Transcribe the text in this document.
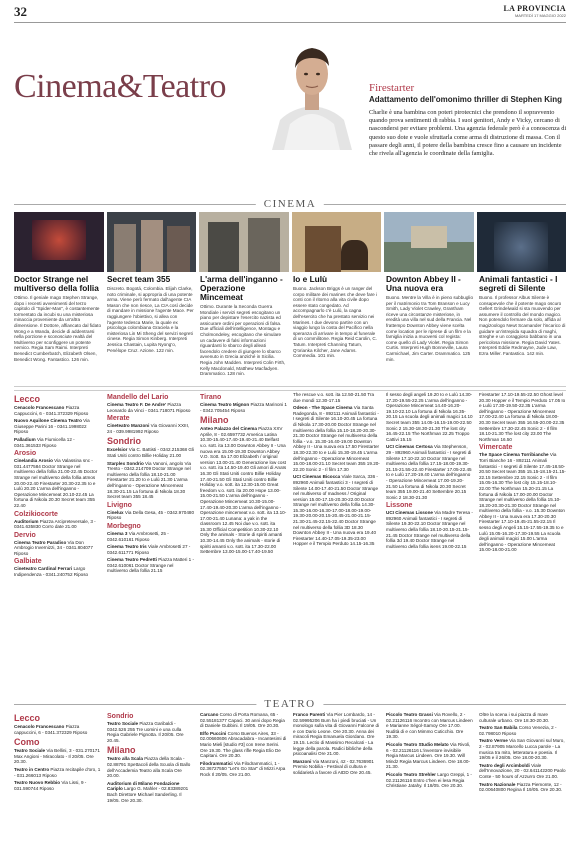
32	LA PROVINCIA
MARTEDÌ 17 MAGGIO 2022
Cinema&Teatro	Firestarter
Adattamento dell'omonimo thriller di Stephen King

Charlie è una bambina con poteri pirotecnici che prendono il sopravvento quando prova sentimenti di rabbia. I suoi genitori, Andy e Vicky, cercano di nascondersi per evitare problemi. Una agenzia federale però è a conoscenza di questo suo dote e vuole sfruttarla come arma di distruzione di massa. Con il passare degli anni, il potere della bambina cresce fino a causare un incidente che rivela all'agenzia le coordinate della famiglia.

CINEMA
Doctor Strange nel multiverso della follia
Ottimo. Il geniale mago Stephen Strange, dopo i recenti avvenimenti del terzo capitolo di "Spider-Man", è costantemente tormentato da incubi su una misteriosa minaccia proveniente da un'altra dimensione. Il Dottore, affiancato dal fidato Wong e a Wanda, decide di addentrarsi nella porzione e sconosciute realtà del Multiverso per sconfiggere un potente nemico. Regia Sam Raimi. Interpreti Benedict Cumberbatch, Elizabeth Olsen, Benedict Wong. Fantastico. 126 min.
Secret team 355
Discreto. Bogotá, Colombia. Elijah Clarke, noto criminale, si appropria di una potente arma. Viene però fermato dall'agente CIA Mason che non riesce, La CIA così decide di mandare in missione l'agente Mace. Per raggiungere l'obiettivo, si allea con l'agente tedesca Marie, la quale ex psicologa colombiana Graciela e la misteriosa Lin Mi Sheng del servizi segreti cinese. Regia Simon Kinberg. Interpreti Jessica Chastain, Lupita Nyong'o, Penélope Cruz. Azione. 122 min.
L'arma dell'inganno - Operazione Mincemeat
Ottimo. Durante la Seconda Guerra Mondiale i servizi segreti escogitano un piano per depistare l'esercito nazista ed assicurare ordini per operazioni di falsa. Due ufficiali dell'intelligence, Montagu e Cholmondeley, escogitano che simulare un cadavere di falsi informazioni riguardanti lo sbarco degli alleati facendolo credere di giungere lo sbarco avvenuto in Grecia anziché in Sicilia. Regia John Madden. Interpreti Colin Firth, Kelly Macdonald, Matthew Macfadyen. Drammatico. 128 min.
Io e Lulù
Buono. Jackson Briggs è un ranger del corpo militare dei marines che deve fare i conti con il ritorno alla vita civile dopo essere stato congedato. Ad accompagnarlo c'è Lulù, la cagna dell'esercito che ha prestato servizio nei Marines. I due devono partire con un viaggio lungo la costa del Pacifico nella speranza di arrivare in tempo al funerale di un commilitone. Regia Reid Carolin, C. Tatum. Interpreti Channing Tatum, Q'orianka Kilcher, Jane Adams. Commedia. 101 min.
Downton Abbey II - Una nuova era
Buono. Mentre la Villa è in pieno subbuglio per il matrimonio tra Tom Branson e Lucy Smith, Lady Violet Crawley, Grantham riceve una circostanze misteriose, in eredità una villa nel sud della Francia. Nel frattempo Downton Abbey viene scelta come location per le riprese di un film e la famiglia inizia a muoversi col regista: come quello di Lady Violet. Regia Simon Curtis. Interpreti Hugh Bonneville, Laura Carmichael, Jim Carter. Drammatico. 125 min.
Animali fantastici - I segreti di Silente
Buono. Il professor Albus Silente è consapevole che il potente mago oscuro Gellert Grindelwald si sta muovendo per assumere il controllo del mondo magico. Non potendolo fermare da solo, affida al magizoologo Newt Scamander l'incarico di guidare un'intrepida squadra di maghi, streghe e un coraggioso babbano in una pericolosa missione. Regia David Yates. Interpreti Eddie Redmayne, Jude Law, Ezra Miller. Fantastico. 142 min.
Lecco
Cenacolo Francescano Piazza Cappuccini, 6 - 0341.372329 Riposo
Nuovo Aquilone Cinema Teatro Via Giuseppe Parini 16 - 0341.1998022 Riposo
Palladium Via Fiumicella 12 - 0341.361533 Riposo
Arosio
Cinelandia Arosio Via Valassina snc - 031.4477584 Doctor Strange nel multiverso della follia 21.00-22.45 Doctor Strange nel multiverso della follia atmos 20.00-22.40 Firestarter 20.30-22.35 Io e Lulù 20.20 L'arma dell'inganno - Operazione Mincemeat 20.10-22.45 La fortuna di Nikola 20.30 Secret team 355 22.40
Colzikiocorte
Auditorium Piazza Arcipreteversale, 3 - 0341.635830 Corro date 21.00
Dervio
Cinema Teatro Paradiso Via Don Ambrogio Invernizzi, 34 - 0341.804077 Riposo
Galbiate
Cineteatro Cardinal Ferrari Largo Indipendenza - 0341.240752 Riposo
Mandello del Lario
Cinema Teatro F. De Andre' Piazza Leonardo da Vinci - 0341.718071 Riposo
Merate
Cineteatro Manzoni Via Giovanni XXIII, 24 - 039.9981992 Riposo
Sondrio
Excelsior Via C. Battisti - 0342.215368 Gli Stati Uniti contro Billie Holiday 21.00
Starplex Sondrio Via Vanoni, angolo Via Trento - 0342.214709 Doctor Strange nel multiverso della follia 18.10-21.00 Firestarter 21.20 Io e Lulù 21.30 L'arma dell'inganno - Operazione Mincemeat 18.30-21.15 La fortuna di Nikola 18.30 Secret team 355 18.45
Livigno
Cinelux Via Della Gesa, 45 - 0342.970480 Riposo
Morbegno
Cinema 3 Via Ambrosetti, 25 - 0342.610161 Riposo
Cinema Teatro Iris Viale Ambrosetti 27 - 0342.611771 Riposo
Cinema Teatro Pedretti Piazza Matteri 1 - 0342.610061 Doctor Strange nel multiverso della follia 21.15
Tirano
Cinema Teatro Mignon Piazza Marinoni 1 - 0342.705454 Riposo
Milano
Anteo Palazzo del Cinema Piazza XXV Aprile, 8 - 02.6597732 America Latina 10.30-15.40-17.40-19.40-21.40 Belfast v.o. sott. ita 13.00 Downton Abbey II - Una nuova era 15.00-19.30 Downton Abbey V.O. Sott. Ita 17.00 Elizabeth / original version 13.00-21.40 Generazione low cost v.o. sott. ita 14.50-19.40 Gli amori di Anaïs 16.30 Gli Stati Uniti contro Billie Holiday 17.40-21.50 Gli Stati Uniti contro Billie Holiday v.o. sott. ita 12.30-15.00 Great freedom v.o. sott. ita 20.00 Hope 13.00-15.00-21.50 L'arma dell'inganno - Operazione Mincemeat 10.30-15.00-17.40-19.40-20.30 L'arma dell'inganno - Operazione mincemeat v.o. sott. ita 13.10-17.00-21.40 Lunana: a yak in the classroom 12.45 Noi due v.o. sott. ita 15.30 Official Competition 10.30-22.10 Only the animals - Storie di spiriti amanti 10.30-14.45 Only the animals - storie di spiriti amanti v.o. sott. ita 17.30-22.00 Settembre 13.00-15.00-17.40-19.50
The rescue v.o. sott. ita 12.50-21.50 Tra due mondi 12.30-17.15
Odeon - The Space Cinema Via Santa Radegonda, 8 - 892111 Animali fantastici - I segreti di Silente 16.10-20.45 La fortuna di Nikola 17.30-20.00 Doctor Strange nel multiverso della follia 15.10-18.20-20.30-21.30 Doctor Strange nel multiverso della follia - v.o. 15.30-16.40-19.00 Downton Abbey II - Una nuova era 17.50 Firestarter 18.30-22.30 Io e Lulù 15.30-19.45 L'arma dell'inganno - Operazione Mincemeat 15.00-18.00-21.10 Secret team 355 19.20-22.20 Sonic 2 - Il film 17.30
UCI Cinemas Bicocca Viale Sarca, 336 - 892960 Animali fantastici 3 - I segreti di Silente 14.00-17.40-21.50 Doctor Strange nel multiverso of madness / Original version 15.00-17.15-20.30-22.00 Doctor Strange nel multiverso della follia 14.30-15.30-16.00-16.30-17.00-18.00-19.00-19.30-20.00-20.15-20.45-21.00-21.15-21.30-21.45-22.15-22.40 Doctor Strange nel multiverso della follia 3D 18.30 Downton Abbey II - Una nuova era 19.40 Firestarter 14.40-17.05-19.35-23.00 Hopper e il Tempio Perduto 14.15-16.35
Il sesso degli angeli 19.20 Io e Lulù 14.30-17.20-19.55-22.25 L'arma dell'inganno - Operazione Mincemeat 14.40-16.20-19.10-22.10 La fortuna di Nikola 16.35-20.15 La scuola degli animali magici 14.10 Secret team 355 14.05-16.15-19.00-22.50 Sonic 2 15.30-18.30-21.30 The lost city 16.45-22.15 The Northman 22.25 Troppo Cattivi 15.15
UCI Cinemas Certosa Via Stephenson, 29 - 892960 Animali fantastici - I segreti di Silente 17.10-22.10 Doctor Strange nel multiverso della follia 17.15-18.00-19.30-21.15-21.55-22.40 Firestarter 17.05-22.45 Io e Lulù 17.20-19.40 L'arma dell'inganno - Operazione Mincemeat 17.00-19.20-21.50 La fortuna di Nikola 20.30 Secret team 355 19.00-21.40 Settembre 20.15 Sonic 2 18.30-21.30
Lissone
UCI Cinemas Lissone Via Madre Teresa - 892960 Animali fantastici - I segreti di Silente 19.30-22.10 Doctor Strange nel multiverso della follia 18.10-20.15-21.15-21.45 Doctor Strange nel multiverso della follia 3d 19.40 Doctor Strange nel multiverso della follia isens 19.00-22.15
Firestarter 17.10-19.55-22.50 Ghost level 20.30 Hopper e il Tempio Perduto 17.05 Io e Lulù 17.30-19.50-22.35 L'arma dell'inganno - Operazione Mincemeat 17.00-22.40 La fortuna di Nikola 18.00-20.30 Secret team 355 16.55-20.00-22.35 Settembre 17.30-22.45 Sonic 2 - Il film 18.10-21.30 The lost city 23.00 The Northman 16.50
Vimercate
The Space Cinema Torribianche Via Torri Bianche 16 - 892111 Animali fantastici - I segreti di Silente 17.45-18.50-20.50 Secret team 355 15.15-18.15-21.15-22.15 Settembre 22.15 Sonic 2 - Il film 15.05-16.30 The lost city 15.15-18.10-22.00 The Northman 15.20-21.15 La fortuna di Nikola 17.00-20.00 Doctor Strange nel multiverso della follia 15.10-18.20-20.30-21.30 Doctor Strange nel multiverso della follia - v.o. 15.30 Downton Abbey II - Una nuova era 17.30-20.30 Firestarter 17.10-19.45-21.55-22.15 Il sesso degli Angeli 15.15-17.55-19.35 Io e Lulù 15.05-16.20-17.30-19.55 La scuola degli animali magici 15.00 L'arma dell'inganno - Operazione Mincemeat 15.00-18.00-21.00
TEATRO
Lecco
Cenacolo Francescano Piazza cappuccini, 6 - 0341.372329 Riposo
Como
Teatro Sociale Via Bellini, 3 - 031.270171 Max Angioni - Miracolato - Il 20/05. Ore 20.30.
Teatro in Centro Piazza recitapile d'oro, 1 - 031.266013 Riposo
Teatro Nuovo Rebbio Via Lissi, 9 - 031.590744 Riposo
Sondrio
Teatro Sociale Piazza Garibaldi - 0342.526 255 Tre uomini e una culla Regia Gabriele Pignotta. Il 20/05. Ore 20.45.
Milano
Teatro alla Scala Piazza della Scala - 02.88791 Spettacoli della Scuola di Ballo dell'Accademia Teatro alla Scala Ore 20.00.
Auditorium di Milano Fondazione Cariplo Largo G. Mahler - 02.83389201 Bach Direttore Michael Sanderling. Il 19/05. Ore 20.30.
Carcano Corso di Porta Romana, 65 - 02.55181377 Capaci. 30 anni dopo Regia di Daniele Gubbini. Il 19/05. Ore 20.30.
Elfo Puccini Corso Buenos Aires, 33 - 02.00660606 Abracadabra - Incantesimi di Mario Mieli [studio #3] con Irene Serini. Ore 19.30. The glass rifle Regia Elio De Capitani. Ore 20.30.
Filodrammatici Via Filodrammatici, 1 - 02.36727550 "Let's Go Star" di Mizzi Arpa Rock Il 20/05. Ore 21.00.
Franco Parenti Via Pier Lombardo, 14 - 02.59995206 Bum ha i piedi bruciati - Un monologo sulla vita di Giovanni Falcone di e con Dario Leone. Ore 20.30. Anna dei miracoli Regia Emanuela Giordano. Ore 19.15. Lectio di Massimo Recalcati - La legge della parola. Radici bibliche della psicoanalisi Ore 21.00.
Manzoni Via Manzoni, 42 - 02.7636901 Premio Nobilia - Festival di cultura e solidarietà a favore di AIDD Ore 20.45.
Piccolo Teatro Grassi Via Rovello, 2 - 02.21126116 Incontro con Marcus Lindeen e Marianne Ségol-Samoy Ore 17.00. Nudità di e con Mimmo Cuticchio. Ore 19.30.
Piccolo Teatro Studio Melato Via Rivoli, 6 - 02.21126116 L'inventore invisibile Regia Marcus Lindeen. Ore 19.30. Will Mindz Regia Marcus Lindeen. Ore 18.00-21.30.
Piccolo Teatro Strehler Largo Greppi, 1 - 02.21126116 Entro c'hen ei lesa Regia Christiane Jatahy. Il 18/05. Ore 20.30.
Oltre la scena i sui piazza di mare culturale urbano. Ore 18.30-20.30.
Teatro San Babila Corso Venezia, 2 - 02.798010 Riposo
Teatro Verme Via San Giovanni sul Muro, 2 - 02.87905 Marcello Lucca parole - La musica tra mito, letteratura e poesia. Il 19/05 e il 26/05. Ore 18.00-20.30.
Teatro degli Arcimboldi Viale dell'Innovazione, 20 - 02.641142200 Paolo Conte - 50 hours of Azzurro Ore 21.00.
Teatro Nazionale Piazza Piemonte, 12 - 02.00640800 Regina Il 19/05. Ore 20.30.
